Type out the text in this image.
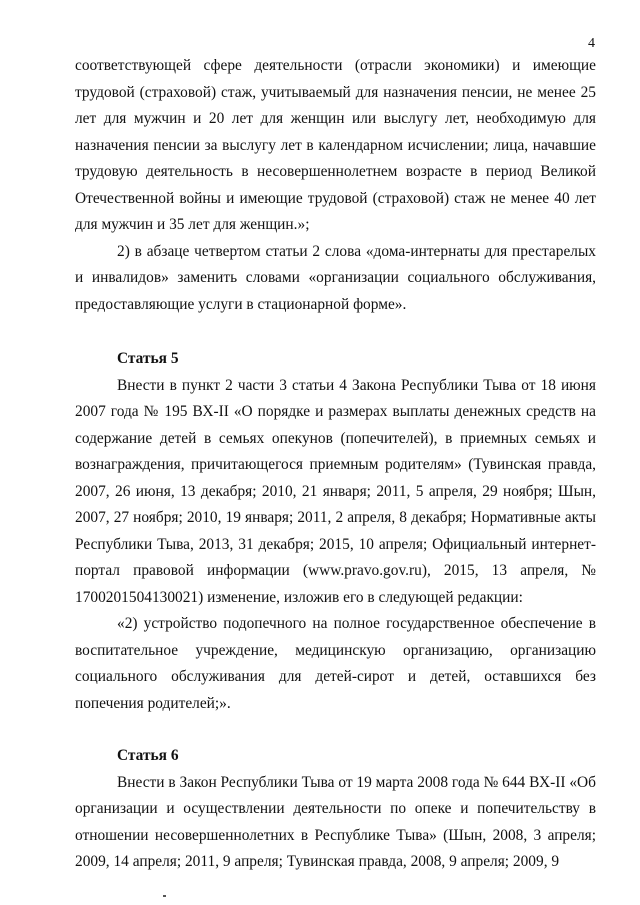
4

соответствующей сфере деятельности (отрасли экономики) и имеющие трудовой (страховой) стаж, учитываемый для назначения пенсии, не менее 25 лет для мужчин и 20 лет для женщин или выслугу лет, необходимую для назначения пенсии за выслугу лет в календарном исчислении; лица, начавшие трудовую деятельность в несовершеннолетнем возрасте в период Великой Отечественной войны и имеющие трудовой (страховой) стаж не менее 40 лет для мужчин и 35 лет для женщин.»;

2) в абзаце четвертом статьи 2 слова «дома-интернаты для престарелых и инвалидов» заменить словами «организации социального обслуживания, предоставляющие услуги в стационарной форме».

Статья 5

Внести в пункт 2 части 3 статьи 4 Закона Республики Тыва от 18 июня 2007 года № 195 ВХ-II «О порядке и размерах выплаты денежных средств на содержание детей в семьях опекунов (попечителей), в приемных семьях и вознаграждения, причитающегося приемным родителям» (Тувинская правда, 2007, 26 июня, 13 декабря; 2010, 21 января; 2011, 5 апреля, 29 ноября; Шын, 2007, 27 ноября; 2010, 19 января; 2011, 2 апреля, 8 декабря; Нормативные акты Республики Тыва, 2013, 31 декабря; 2015, 10 апреля; Официальный интернет-портал правовой информации (www.pravo.gov.ru), 2015, 13 апреля, № 1700201504130021) изменение, изложив его в следующей редакции:

«2) устройство подопечного на полное государственное обеспечение в воспитательное учреждение, медицинскую организацию, организацию социального обслуживания для детей-сирот и детей, оставшихся без попечения родителей;».

Статья 6

Внести в Закон Республики Тыва от 19 марта 2008 года № 644 ВХ-II «Об организации и осуществлении деятельности по опеке и попечительству в отношении несовершеннолетних в Республике Тыва» (Шын, 2008, 3 апреля; 2009, 14 апреля; 2011, 9 апреля; Тувинская правда, 2008, 9 апреля; 2009, 9
